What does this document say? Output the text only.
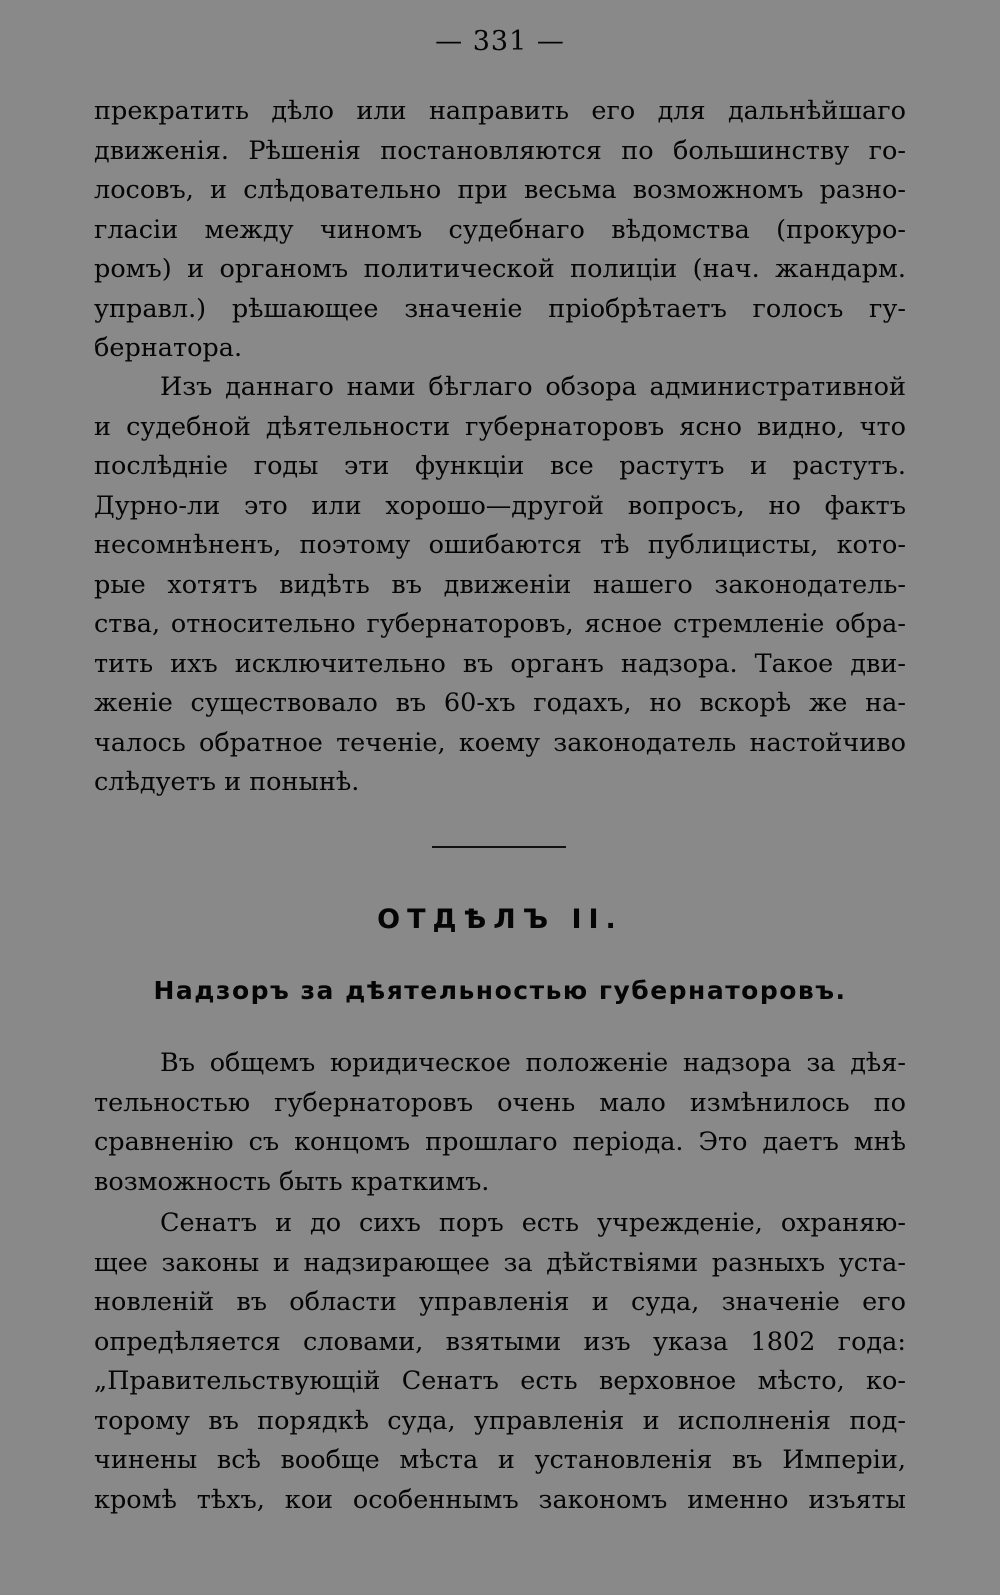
— 331 —

прекратить дѣло или направить его для дальнѣйшаго
движенія. Рѣшенія постановляются по большинству го-
лосовъ, и слѣдовательно при весьма возможномъ разно-
гласіи между чиномъ судебнаго вѣдомства (прокуро-
ромъ) и органомъ политической полиціи (нач. жандарм.
управл.) рѣшающее значеніе пріобрѣтаетъ голосъ гу-
бернатора.

Изъ даннаго нами бѣглаго обзора административной
и судебной дѣятельности губернаторовъ ясно видно, что
послѣдніе годы эти функціи все растутъ и растутъ.
Дурно-ли это или хорошо—другой вопросъ, но фактъ
несомнѣненъ, поэтому ошибаются тѣ публицисты, кото-
рые хотятъ видѣть въ движеніи нашего законодатель-
ства, относительно губернаторовъ, ясное стремленіе обра-
тить ихъ исключительно въ органъ надзора. Такое дви-
женіе существовало въ 60-хъ годахъ, но вскорѣ же на-
чалось обратное теченіе, коему законодатель настойчиво
слѣдуетъ и понынѣ.

ОТДѢЛЪ II.
Надзоръ за дѣятельностью губернаторовъ.

Въ общемъ юридическое положеніе надзора за дѣя-
тельностью губернаторовъ очень мало измѣнилось по
сравненію съ концомъ прошлаго періода. Это даетъ мнѣ
возможность быть краткимъ.

Сенатъ и до сихъ поръ есть учрежденіе, охраняю-
щее законы и надзирающее за дѣйствіями разныхъ уста-
новленій въ области управленія и суда, значеніе его
опредѣляется словами, взятыми изъ указа 1802 года:
„Правительствующій Сенатъ есть верховное мѣсто, ко-
торому въ порядкѣ суда, управленія и исполненія под-
чинены всѣ вообще мѣста и установленія въ Имперіи,
кромѣ тѣхъ, кои особеннымъ закономъ именно изъяты
